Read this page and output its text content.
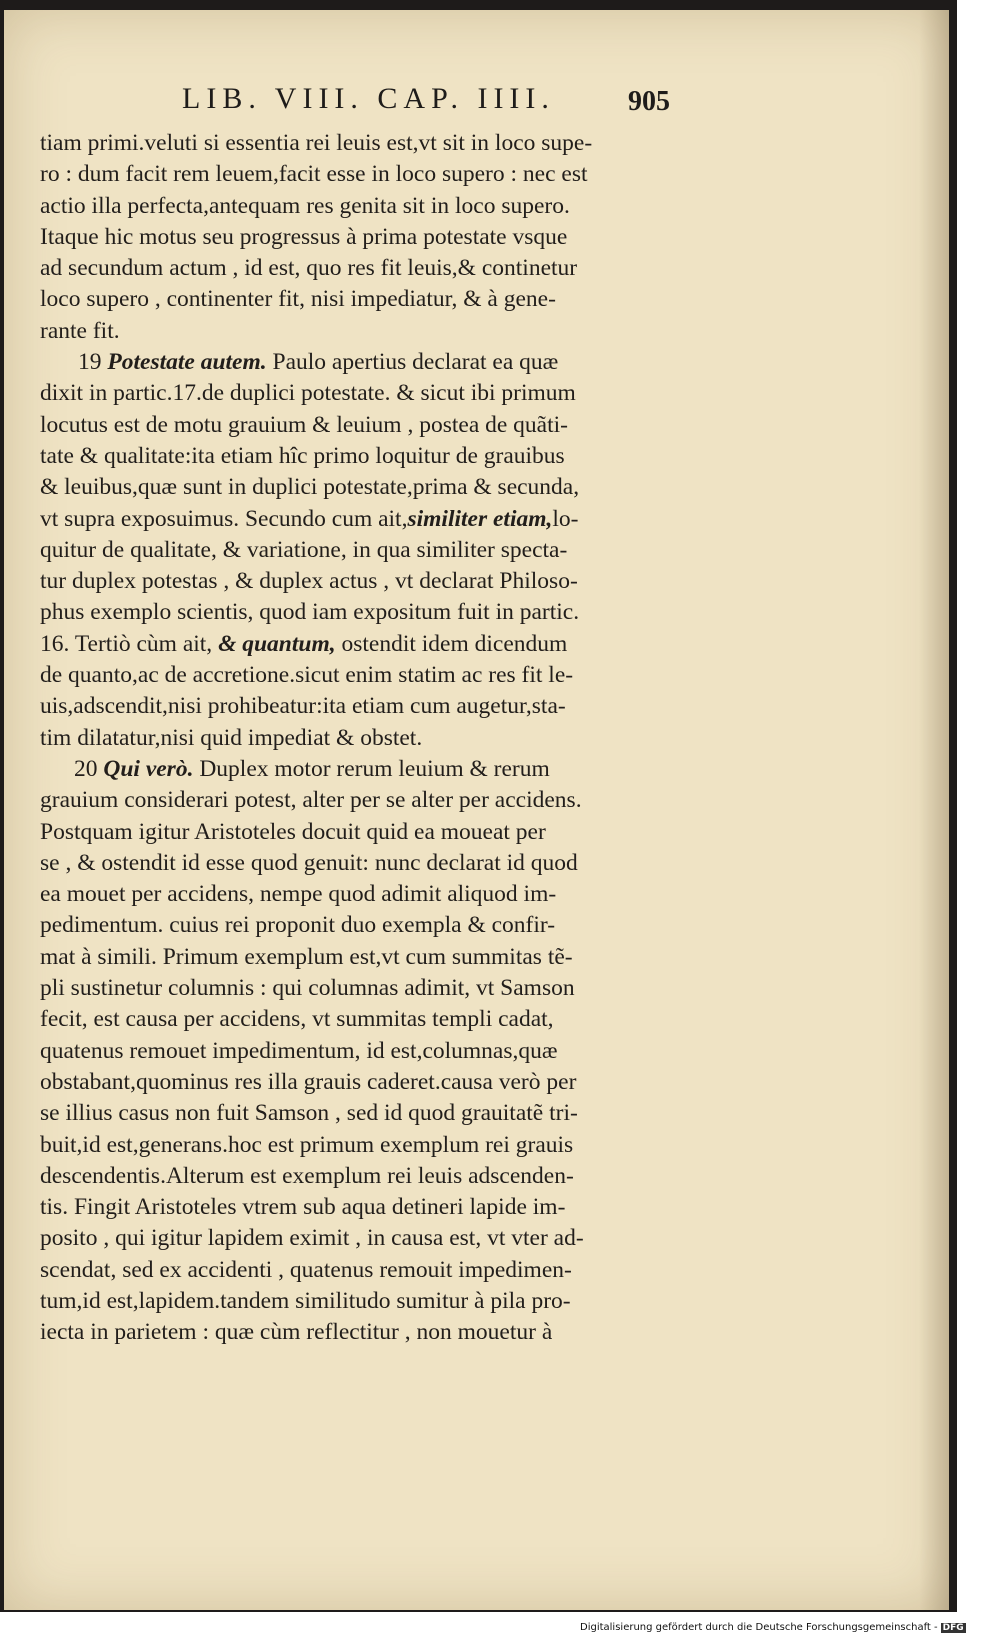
LIB. VIII. CAP. IIII.	905
tiam primi.veluti si essentia rei leuis est,vt sit in loco supe-
ro : dum facit rem leuem,facit esse in loco supero : nec est
actio illa perfecta,antequam res genita sit in loco supero.
Itaque hic motus seu progressus à prima potestate vsque
ad secundum actum , id est, quo res fit leuis,& continetur
loco supero , continenter fit, nisi impediatur, & à gene-
rante fit.
19 Potestate autem. Paulo apertius declarat ea quæ
dixit in partic.17.de duplici potestate. & sicut ibi primum
locutus est de motu grauium & leuium , postea de quãti-
tate & qualitate:ita etiam hîc primo loquitur de grauibus
& leuibus,quæ sunt in duplici potestate,prima & secunda,
vt supra exposuimus. Secundo cum ait,similiter etiam,lo-
quitur de qualitate, & variatione, in qua similiter specta-
tur duplex potestas , & duplex actus , vt declarat Philoso-
phus exemplo scientis, quod iam expositum fuit in partic.
16. Tertiò cùm ait, & quantum, ostendit idem dicendum
de quanto,ac de accretione.sicut enim statim ac res fit le-
uis,adscendit,nisi prohibeatur:ita etiam cum augetur,sta-
tim dilatatur,nisi quid impediat & obstet.
20 Qui verò. Duplex motor rerum leuium & rerum
grauium considerari potest, alter per se alter per accidens.
Postquam igitur Aristoteles docuit quid ea moueat per
se , & ostendit id esse quod genuit: nunc declarat id quod
ea mouet per accidens, nempe quod adimit aliquod im-
pedimentum. cuius rei proponit duo exempla & confir-
mat à simili. Primum exemplum est,vt cum summitas tẽ-
pli sustinetur columnis : qui columnas adimit, vt Samson
fecit, est causa per accidens, vt summitas templi cadat,
quatenus remouet impedimentum, id est,columnas,quæ
obstabant,quominus res illa grauis caderet.causa verò per
se illius casus non fuit Samson , sed id quod grauitatẽ tri-
buit,id est,generans.hoc est primum exemplum rei grauis
descendentis.Alterum est exemplum rei leuis adscenden-
tis. Fingit Aristoteles vtrem sub aqua detineri lapide im-
posito , qui igitur lapidem eximit , in causa est, vt vter ad-
scendat, sed ex accidenti , quatenus remouit impedimen-
tum,id est,lapidem.tandem similitudo sumitur à pila pro-
iecta in parietem : quæ cùm reflectitur , non mouetur à
Digitalisierung gefördert durch die Deutsche Forschungsgemeinschaft - DFG
